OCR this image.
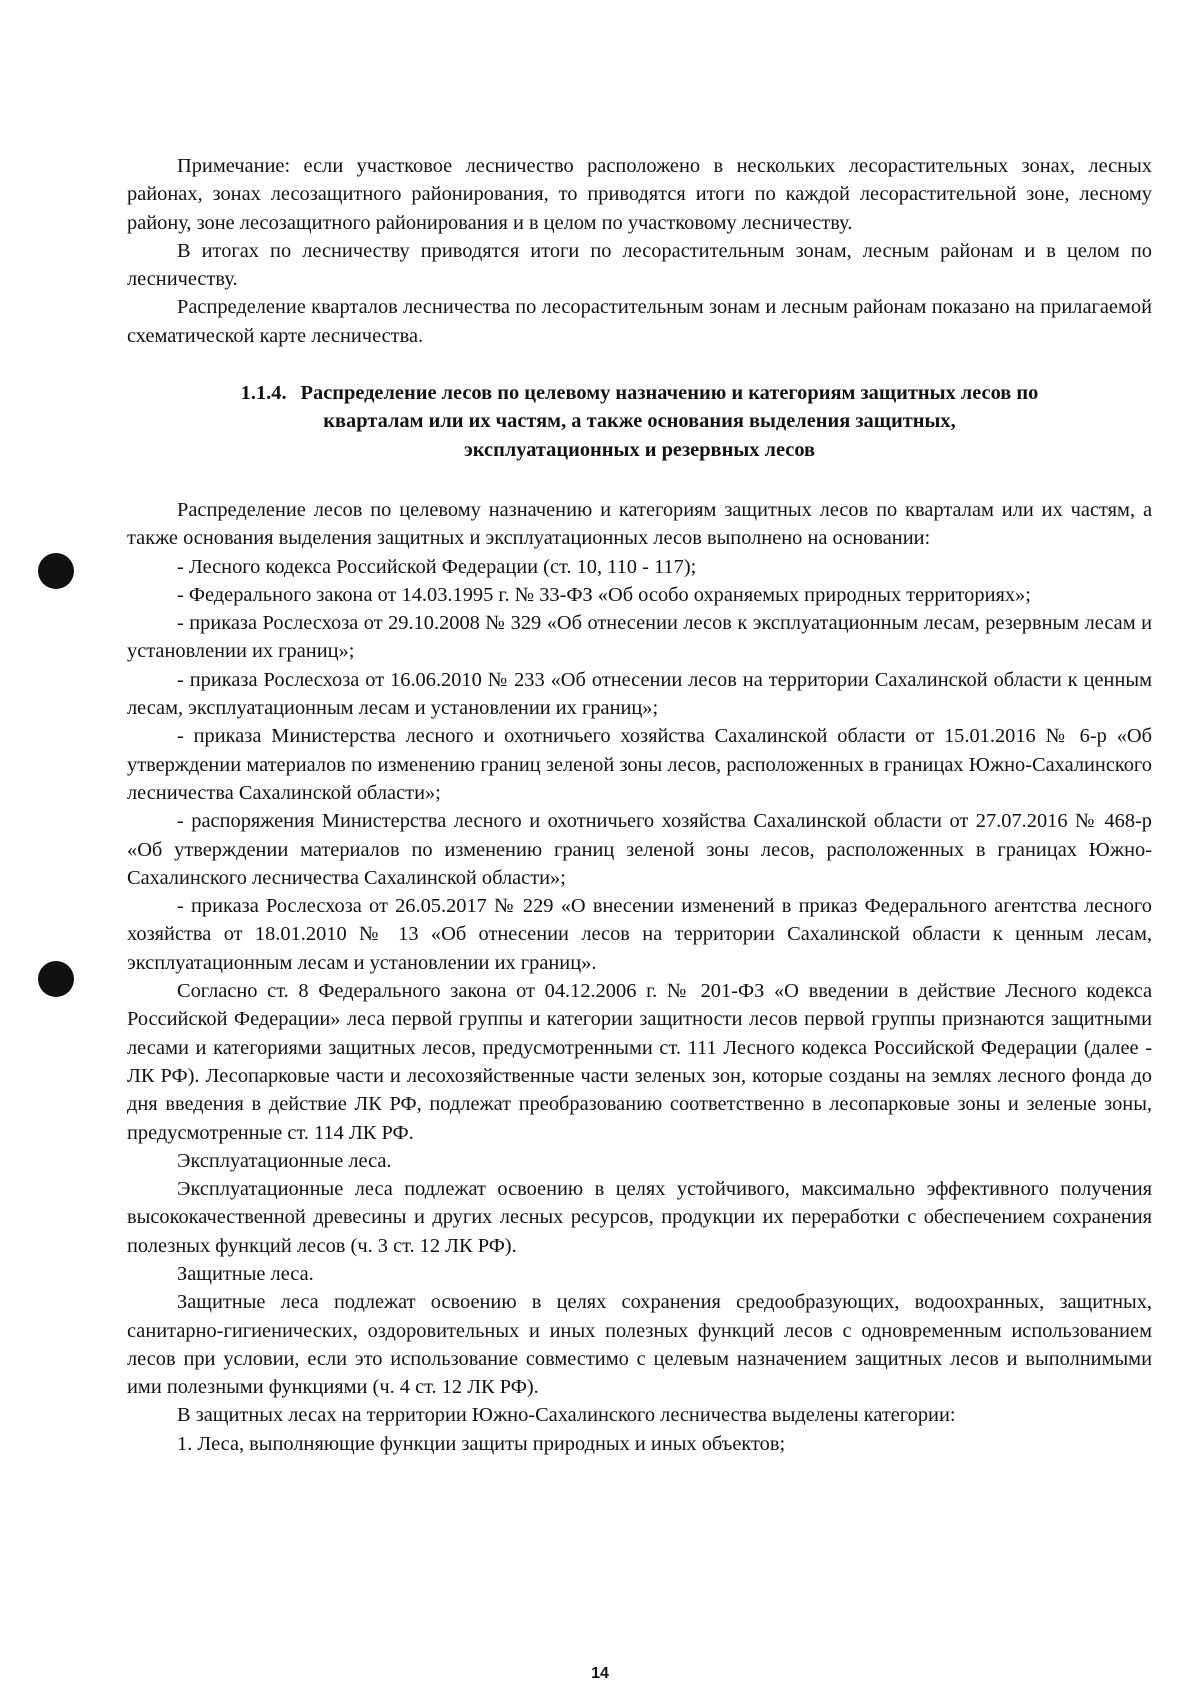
Примечание: если участковое лесничество расположено в нескольких лесорастительных зонах, лесных районах, зонах лесозащитного районирования, то приводятся итоги по каждой лесорастительной зоне, лесному району, зоне лесозащитного районирования и в целом по участковому лесничеству.

В итогах по лесничеству приводятся итоги по лесорастительным зонам, лесным районам и в целом по лесничеству.

Распределение кварталов лесничества по лесорастительным зонам и лесным районам показано на прилагаемой схематической карте лесничества.

1.1.4. Распределение лесов по целевому назначению и категориям защитных лесов по
кварталам или их частям, а также основания выделения защитных,
эксплуатационных и резервных лесов

Распределение лесов по целевому назначению и категориям защитных лесов по кварталам или их частям, а также основания выделения защитных и эксплуатационных лесов выполнено на основании:

- Лесного кодекса Российской Федерации (ст. 10, 110 - 117);

- Федерального закона от 14.03.1995 г. № 33-ФЗ «Об особо охраняемых природных территориях»;

- приказа Рослесхоза от 29.10.2008 № 329 «Об отнесении лесов к эксплуатационным лесам, резервным лесам и установлении их границ»;

- приказа Рослесхоза от 16.06.2010 № 233 «Об отнесении лесов на территории Сахалинской области к ценным лесам, эксплуатационным лесам и установлении их границ»;

- приказа Министерства лесного и охотничьего хозяйства Сахалинской области от 15.01.2016 № 6-р «Об утверждении материалов по изменению границ зеленой зоны лесов, расположенных в границах Южно-Сахалинского лесничества Сахалинской области»;

- распоряжения Министерства лесного и охотничьего хозяйства Сахалинской области от 27.07.2016 № 468-р «Об утверждении материалов по изменению границ зеленой зоны лесов, расположенных в границах Южно-Сахалинского лесничества Сахалинской области»;

- приказа Рослесхоза от 26.05.2017 № 229 «О внесении изменений в приказ Федерального агентства лесного хозяйства от 18.01.2010 № 13 «Об отнесении лесов на территории Сахалинской области к ценным лесам, эксплуатационным лесам и установлении их границ».

Согласно ст. 8 Федерального закона от 04.12.2006 г. № 201-ФЗ «О введении в действие Лесного кодекса Российской Федерации» леса первой группы и категории защитности лесов первой группы признаются защитными лесами и категориями защитных лесов, предусмотренными ст. 111 Лесного кодекса Российской Федерации (далее - ЛК РФ). Лесопарковые части и лесохозяйственные части зеленых зон, которые созданы на землях лесного фонда до дня введения в действие ЛК РФ, подлежат преобразованию соответственно в лесопарковые зоны и зеленые зоны, предусмотренные ст. 114 ЛК РФ.

Эксплуатационные леса.

Эксплуатационные леса подлежат освоению в целях устойчивого, максимально эффективного получения высококачественной древесины и других лесных ресурсов, продукции их переработки с обеспечением сохранения полезных функций лесов (ч. 3 ст. 12 ЛК РФ).

Защитные леса.

Защитные леса подлежат освоению в целях сохранения средообразующих, водоохранных, защитных, санитарно-гигиенических, оздоровительных и иных полезных функций лесов с одновременным использованием лесов при условии, если это использование совместимо с целевым назначением защитных лесов и выполнимыми ими полезными функциями (ч. 4 ст. 12 ЛК РФ).

В защитных лесах на территории Южно-Сахалинского лесничества выделены категории:

1. Леса, выполняющие функции защиты природных и иных объектов;

14
